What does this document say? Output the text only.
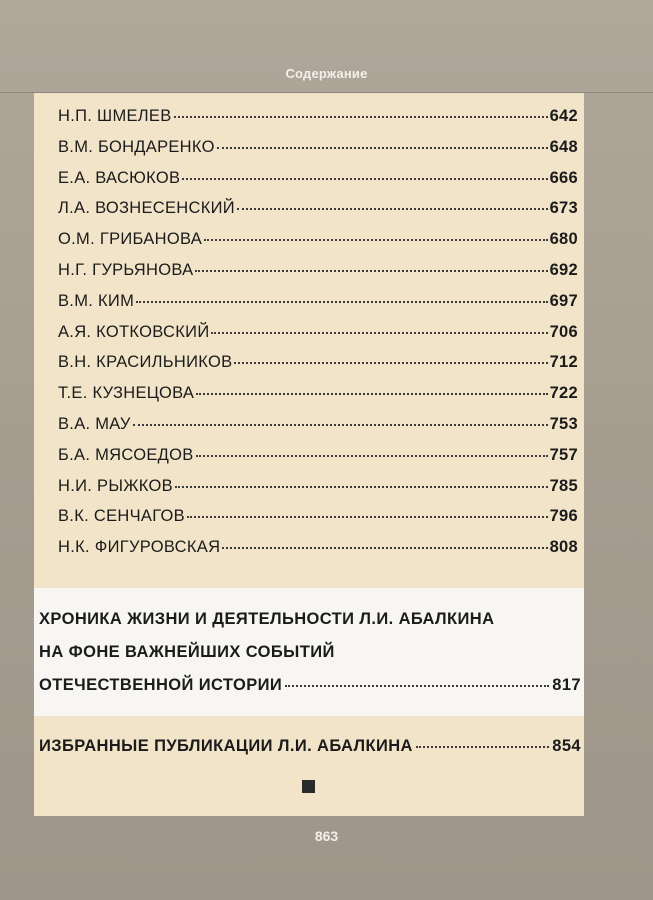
Содержание
Н.П. ШМЕЛЕВ	642
В.М. БОНДАРЕНКО	648
Е.А. ВАСЮКОВ	666
Л.А. ВОЗНЕСЕНСКИЙ	673
О.М. ГРИБАНОВА	680
Н.Г. ГУРЬЯНОВА	692
В.М. КИМ	697
А.Я. КОТКОВСКИЙ	706
В.Н. КРАСИЛЬНИКОВ	712
Т.Е. КУЗНЕЦОВА	722
В.А. МАУ	753
Б.А. МЯСОЕДОВ	757
Н.И. РЫЖКОВ	785
В.К. СЕНЧАГОВ	796
Н.К. ФИГУРОВСКАЯ	808
ХРОНИКА ЖИЗНИ И ДЕЯТЕЛЬНОСТИ Л.И. АБАЛКИНА
НА ФОНЕ ВАЖНЕЙШИХ СОБЫТИЙ
ОТЕЧЕСТВЕННОЙ ИСТОРИИ	817
ИЗБРАННЫЕ ПУБЛИКАЦИИ Л.И. АБАЛКИНА	854
863
